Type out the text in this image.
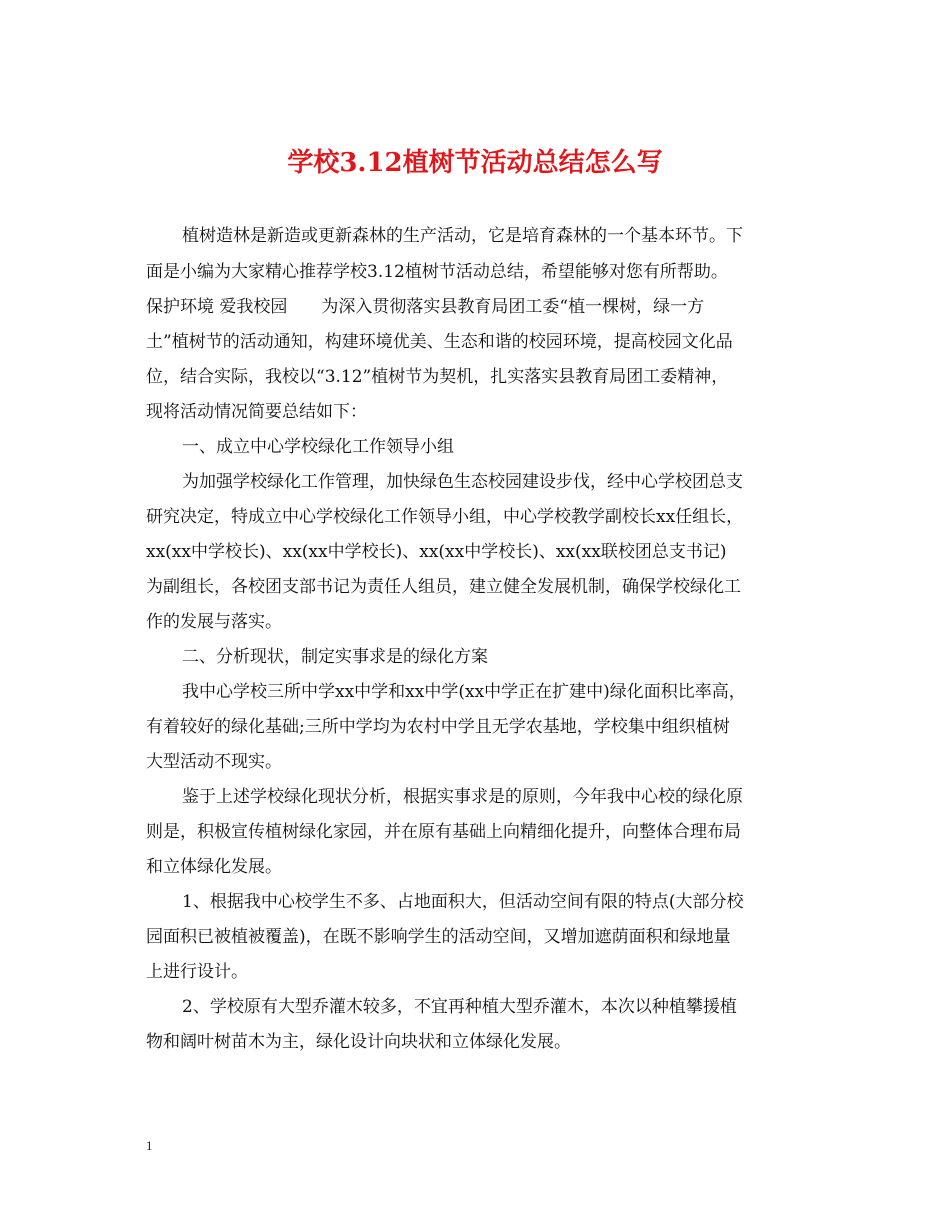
学校3.12植树节活动总结怎么写
植树造林是新造或更新森林的生产活动，它是培育森林的一个基本环节。下
面是小编为大家精心推荐学校3.12植树节活动总结，希望能够对您有所帮助。
保护环境 爱我校园　　为深入贯彻落实县教育局团工委“植一棵树，绿一方
土”植树节的活动通知，构建环境优美、生态和谐的校园环境，提高校园文化品
位，结合实际，我校以“3.12”植树节为契机，扎实落实县教育局团工委精神，
现将活动情况简要总结如下：
一、成立中心学校绿化工作领导小组
为加强学校绿化工作管理，加快绿色生态校园建设步伐，经中心学校团总支
研究决定，特成立中心学校绿化工作领导小组，中心学校教学副校长xx任组长，
xx(xx中学校长)、xx(xx中学校长)、xx(xx中学校长)、xx(xx联校团总支书记)
为副组长，各校团支部书记为责任人组员，建立健全发展机制，确保学校绿化工
作的发展与落实。
二、分析现状，制定实事求是的绿化方案
我中心学校三所中学xx中学和xx中学(xx中学正在扩建中)绿化面积比率高，
有着较好的绿化基础;三所中学均为农村中学且无学农基地，学校集中组织植树
大型活动不现实。
鉴于上述学校绿化现状分析，根据实事求是的原则，今年我中心校的绿化原
则是，积极宣传植树绿化家园，并在原有基础上向精细化提升，向整体合理布局
和立体绿化发展。
1、根据我中心校学生不多、占地面积大，但活动空间有限的特点(大部分校
园面积已被植被覆盖)，在既不影响学生的活动空间，又增加遮荫面积和绿地量
上进行设计。
2、学校原有大型乔灌木较多，不宜再种植大型乔灌木，本次以种植攀援植
物和阔叶树苗木为主，绿化设计向块状和立体绿化发展。
1
